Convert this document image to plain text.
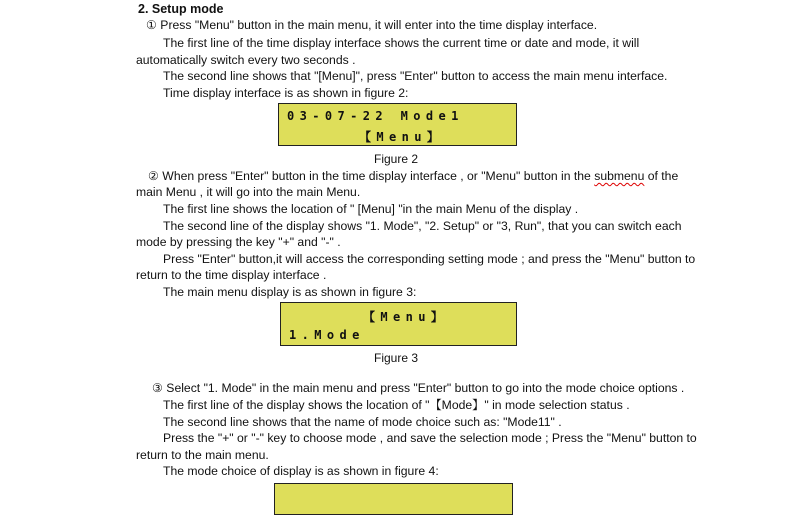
2. Setup mode
① Press "Menu" button in the main menu, it will enter into the time display interface.
The first line of the time display interface shows the current time or date and mode, it will
automatically switch every two seconds .
The second line shows that "[Menu]", press "Enter" button to access the main menu interface.
Time display interface is as shown in figure 2:
03-07-22 Mode1
【Menu】
Figure 2
② When press "Enter" button in the time display interface , or "Menu" button in the submenu of the
main Menu , it will go into the main Menu.
The first line shows the location of " [Menu] "in the main Menu of the display .
The second line of the display shows "1. Mode", "2. Setup" or "3, Run", that you can switch each
mode by pressing the key "+" and "-" .
Press "Enter" button,it will access the corresponding setting mode ; and press the "Menu" button to
return to the time display interface .
The main menu display is as shown in figure 3:
【Menu】
1.Mode
Figure 3
③ Select "1. Mode" in the main menu and press "Enter" button to go into the mode choice options .
The first line of the display shows the location of "【Mode】" in mode selection status .
The second line shows that the name of mode choice such as: "Mode11" .
Press the "+" or "-" key to choose mode , and save the selection mode ; Press the "Menu" button to
return to the main menu.
The mode choice of display is as shown in figure 4:
